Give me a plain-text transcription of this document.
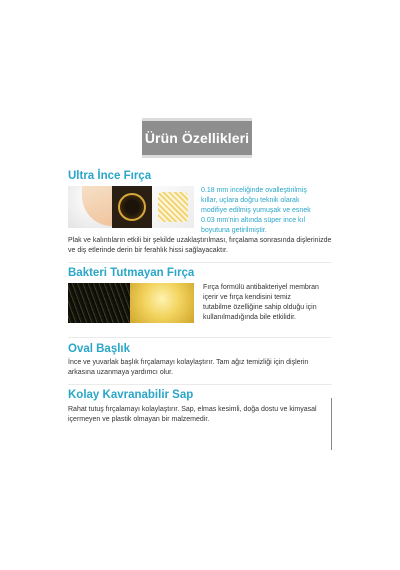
Ürün Özellikleri
Ultra İnce Fırça
0.18 mm inceliğinde ovalleştirilmiş kıllar, uçlara doğru teknik olarak modifiye edilmiş yumuşak ve esnek 0.03 mm'nin altında süper ince kıl boyutuna getirilmiştir.
Plak ve kalıntıların etkili bir şekilde uzaklaştırılması, fırçalama sonrasında dişlerinizde ve diş etlerinde derin bir ferahlık hissi sağlayacaktır.
Bakteri Tutmayan Fırça
Fırça formülü antibakteriyel membran içerir ve fırça kendisini temiz tutabilme özelliğine sahip olduğu için kullanılmadığında bile etkilidir.
Oval Başlık
İnce ve yuvarlak başlık fırçalamayı kolaylaştırır. Tam ağız temizliği için dişlerin arkasına uzanmaya yardımcı olur.
Kolay Kavranabilir Sap
Rahat tutuş fırçalamayı kolaylaştırır. Sap, elmas kesimli, doğa dostu ve kimyasal içermeyen ve plastik olmayan bir malzemedir.
